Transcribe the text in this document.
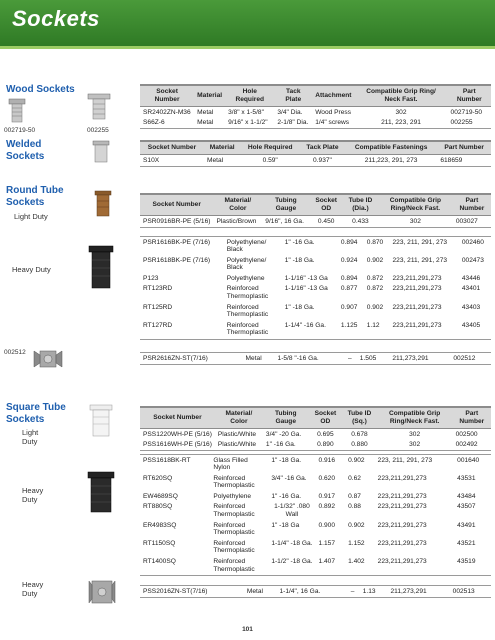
Sockets
Wood Sockets
002719-50	002255
Socket Number	Material	Hole Required	Tack Plate	Attachment	Compatible Grip Ring/ Neck Fast.	Part Number
SR2402ZN-M36	Metal	3/8" x 1-5/8"	3/4" Dia.	Wood Press	302	002719-50
S66Z-6	Metal	9/16" x 1-1/2"	2-1/8" Dia.	1/4" screws	211, 223, 291	002255
Welded
Sockets
Socket Number	Material	Hole Required	Tack Plate	Compatible Fastenings	Part Number
S10X	Metal	0.59"	0.937"	211,223, 291, 273	618659
Round Tube
Sockets
Light Duty
Socket Number	Material/ Color	Tubing Gauge	Socket OD	Tube ID (Dia.)	Compatible Grip Ring/Neck Fast.	Part Number
PSR0916BR-PE (5/16)	Plastic/Brown	9/16", 16 Ga.	0.450	0.433	302	003027
Heavy Duty
PSR1616BK-PE (7/16)	Polyethylene/ Black	1" -16 Ga.	0.894	0.870	223, 211, 291, 273	002460
PSR1618BK-PE (7/16)	Polyethylene/ Black	1" -18 Ga.	0.924	0.902	223, 211, 291, 273	002473
P123	Polyethylene	1-1/16" -13 Ga	0.894	0.872	223,211,291,273	43446
RT123RD	Reinforced Thermoplastic	1-1/16" -13 Ga	0.877	0.872	223,211,291,273	43401
RT125RD	Reinforced Thermoplastic	1" -18 Ga.	0.907	0.902	223,211,291,273	43403
RT127RD	Reinforced Thermoplastic	1-1/4" -16 Ga.	1.125	1.12	223,211,291,273	43405
002512
PSR2616ZN-ST(7/16)	Metal	1-5/8 "-16 Ga.	–	1.505	211,273,291	002512
Square Tube
Sockets
Light Duty
Socket Number	Material/ Color	Tubing Gauge	Socket OD	Tube ID (Sq.)	Compatible Grip Ring/Neck Fast.	Part Number
PSS1220WH-PE (5/16)	Plastic/White	3/4" -20 Ga.	0.695	0.678	302	002500
PSS1616WH-PE (5/16)	Plastic/White	1" -16 Ga.	0.890	0.880	302	002492
Heavy Duty
PSS1618BK-RT	Glass Filled Nylon	1" -18 Ga.	0.916	0.902	223, 211, 291, 273	001640
RT620SQ	Reinforced Thermoplastic	3/4" -16 Ga.	0.620	0.62	223,211,291,273	43531
EW4689SQ	Polyethylene	1" -16 Ga.	0.917	0.87	223,211,291,273	43484
RT880SQ	Reinforced Thermoplastic	1-1/32" .080 Wall	0.892	0.88	223,211,291,273	43507
ER4983SQ	Reinforced Thermoplastic	1" -18 Ga	0.900	0.902	223,211,291,273	43491
RT1150SQ	Reinforced Thermoplastic	1-1/4" -18 Ga.	1.157	1.152	223,211,291,273	43521
RT1400SQ	Reinforced Thermoplastic	1-1/2" -18 Ga.	1.407	1.402	223,211,291,273	43519
Heavy Duty	PSS2016ZN-ST(7/16)	Metal	1-1/4", 16 Ga.	–	1.13	211,273,291	002513
101
